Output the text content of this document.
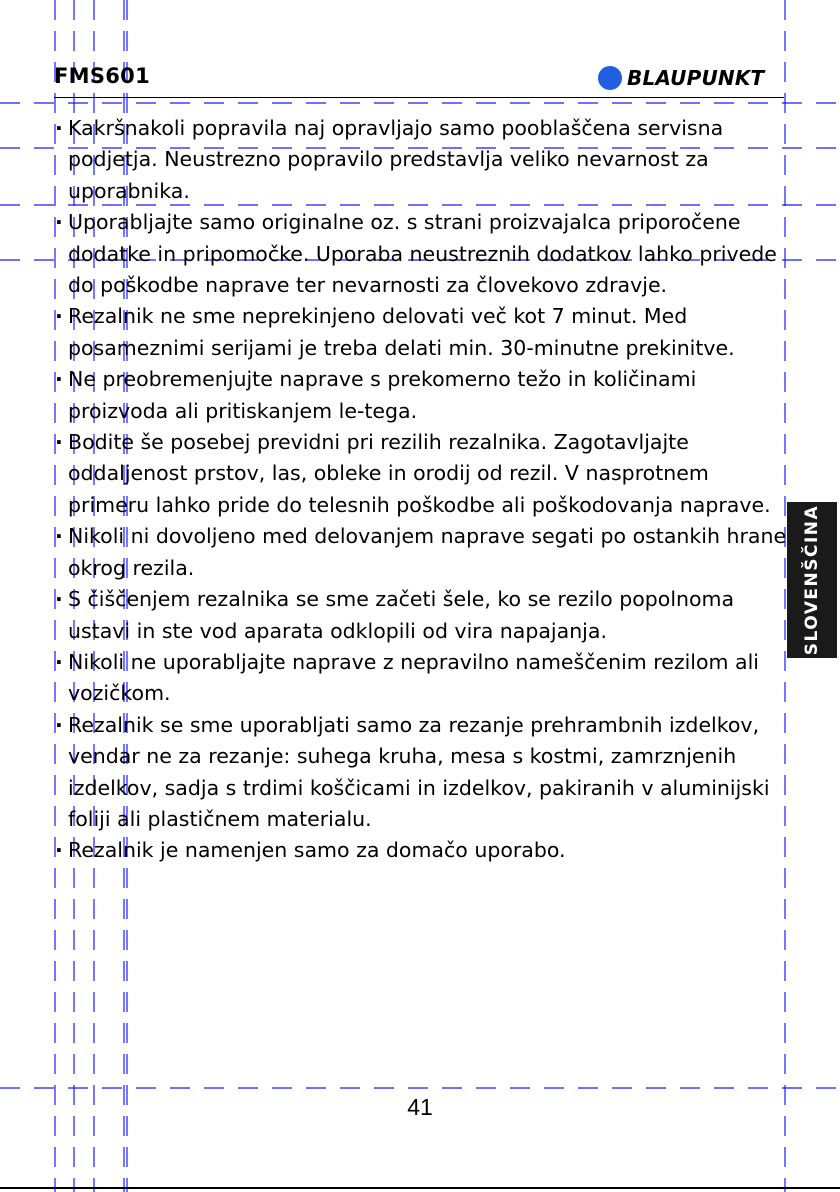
FMS601	BLAUPUNKT
· Kakršnakoli popravila naj opravljajo samo pooblaščena servisna podjetja. Neustrezno popravilo predstavlja veliko nevarnost za uporabnika.
· Uporabljajte samo originalne oz. s strani proizvajalca priporočene dodatke in pripomočke. Uporaba neustreznih dodatkov lahko privede do poškodbe naprave ter nevarnosti za človekovo zdravje.
· Rezalnik ne sme neprekinjeno delovati več kot 7 minut. Med posameznimi serijami je treba delati min. 30-minutne prekinitve.
· Ne preobremenjujte naprave s prekomerno težo in količinami proizvoda ali pritiskanjem le-tega.
· Bodite še posebej previdni pri rezilih rezalnika. Zagotavljajte oddaljenost prstov, las, obleke in orodij od rezil. V nasprotnem primeru lahko pride do telesnih poškodbe ali poškodovanja naprave.
· Nikoli ni dovoljeno med delovanjem naprave segati po ostankih hrane okrog rezila.
· S čiščenjem rezalnika se sme začeti šele, ko se rezilo popolnoma ustavi in ste vod aparata odklopili od vira napajanja.
· Nikoli ne uporabljajte naprave z nepravilno nameščenim rezilom ali vozičkom.
· Rezalnik se sme uporabljati samo za rezanje prehrambnih izdelkov, vendar ne za rezanje: suhega kruha, mesa s kostmi, zamrznjenih izdelkov, sadja s trdimi koščicami in izdelkov, pakiranih v aluminijski foliji ali plastičnem materialu.
· Rezalnik je namenjen samo za domačo uporabo.
SLOVENŠČINA
41
